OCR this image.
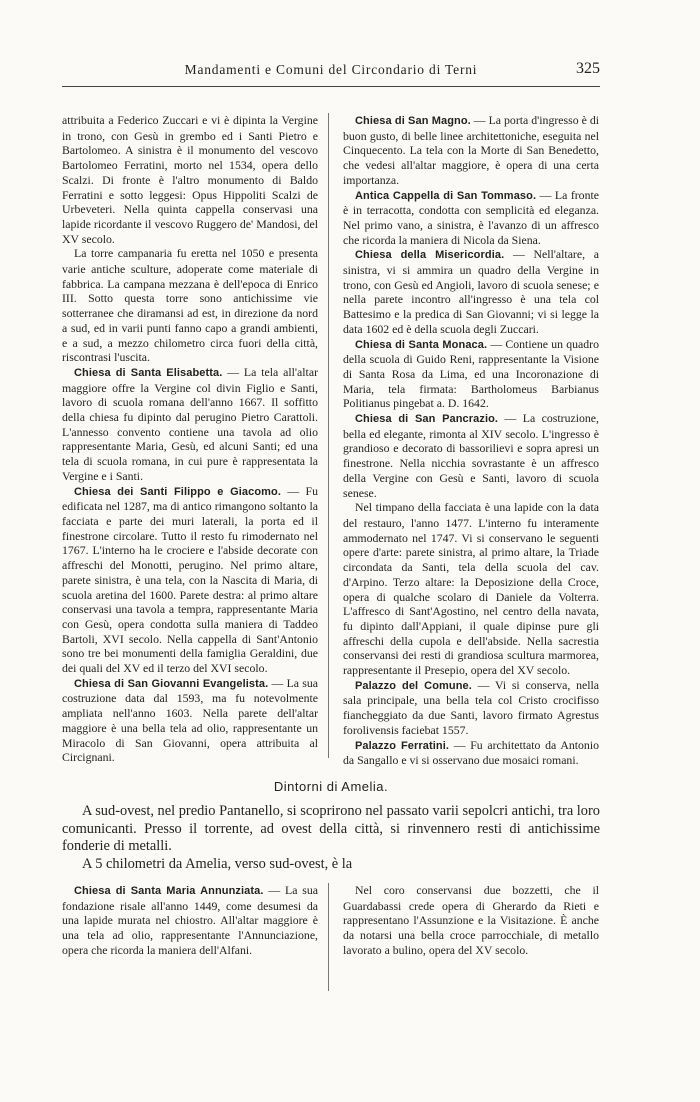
Mandamenti e Comuni del Circondario di Terni	325

attribuita a Federico Zuccari e vi è dipinta la Vergine in trono, con Gesù in grembo ed i Santi Pietro e Bartolomeo. A sinistra è il monumento del vescovo Bartolomeo Ferratini, morto nel 1534, opera dello Scalzi. Di fronte è l'altro monumento di Baldo Ferratini e sotto leggesi: Opus Hippoliti Scalzi de Urbeveteri. Nella quinta cappella conservasi una lapide ricordante il vescovo Ruggero de' Mandosi, del XV secolo.

La torre campanaria fu eretta nel 1050 e presenta varie antiche sculture, adoperate come materiale di fabbrica. La campana mezzana è dell'epoca di Enrico III. Sotto questa torre sono antichissime vie sotterranee che diramansi ad est, in direzione da nord a sud, ed in varii punti fanno capo a grandi ambienti, e a sud, a mezzo chilometro circa fuori della città, riscontrasi l'uscita.

Chiesa di Santa Elisabetta. — La tela all'altar maggiore offre la Vergine col divin Figlio e Santi, lavoro di scuola romana dell'anno 1667. Il soffitto della chiesa fu dipinto dal perugino Pietro Carattoli. L'annesso convento contiene una tavola ad olio rappresentante Maria, Gesù, ed alcuni Santi; ed una tela di scuola romana, in cui pure è rappresentata la Vergine e i Santi.

Chiesa dei Santi Filippo e Giacomo. — Fu edificata nel 1287, ma di antico rimangono soltanto la facciata e parte dei muri laterali, la porta ed il finestrone circolare. Tutto il resto fu rimodernato nel 1767. L'interno ha le crociere e l'abside decorate con affreschi del Monotti, perugino. Nel primo altare, parete sinistra, è una tela, con la Nascita di Maria, di scuola aretina del 1600. Parete destra: al primo altare conservasi una tavola a tempra, rappresentante Maria con Gesù, opera condotta sulla maniera di Taddeo Bartoli, XVI secolo. Nella cappella di Sant'Antonio sono tre bei monumenti della famiglia Geraldini, due dei quali del XV ed il terzo del XVI secolo.

Chiesa di San Giovanni Evangelista. — La sua costruzione data dal 1593, ma fu notevolmente ampliata nell'anno 1603. Nella parete dell'altar maggiore è una bella tela ad olio, rappresentante un Miracolo di San Giovanni, opera attribuita al Circignani.

Chiesa di San Magno. — La porta d'ingresso è di buon gusto, di belle linee architettoniche, eseguita nel Cinquecento. La tela con la Morte di San Benedetto, che vedesi all'altar maggiore, è opera di una certa importanza.

Antica Cappella di San Tommaso. — La fronte è in terracotta, condotta con semplicità ed eleganza. Nel primo vano, a sinistra, è l'avanzo di un affresco che ricorda la maniera di Nicola da Siena.

Chiesa della Misericordia. — Nell'altare, a sinistra, vi si ammira un quadro della Vergine in trono, con Gesù ed Angioli, lavoro di scuola senese; e nella parete incontro all'ingresso è una tela col Battesimo e la predica di San Giovanni; vi si legge la data 1602 ed è della scuola degli Zuccari.

Chiesa di Santa Monaca. — Contiene un quadro della scuola di Guido Reni, rappresentante la Visione di Santa Rosa da Lima, ed una Incoronazione di Maria, tela firmata: Bartholomeus Barbianus Politianus pingebat a. D. 1642.

Chiesa di San Pancrazio. — La costruzione, bella ed elegante, rimonta al XIV secolo. L'ingresso è grandioso e decorato di bassorilievi e sopra apresi un finestrone. Nella nicchia sovrastante è un affresco della Vergine con Gesù e Santi, lavoro di scuola senese.

Nel timpano della facciata è una lapide con la data del restauro, l'anno 1477. L'interno fu interamente ammodernato nel 1747. Vi si conservano le seguenti opere d'arte: parete sinistra, al primo altare, la Triade circondata da Santi, tela della scuola del cav. d'Arpino. Terzo altare: la Deposizione della Croce, opera di qualche scolaro di Daniele da Volterra. L'affresco di Sant'Agostino, nel centro della navata, fu dipinto dall'Appiani, il quale dipinse pure gli affreschi della cupola e dell'abside. Nella sacrestia conservansi dei resti di grandiosa scultura marmorea, rappresentante il Presepio, opera del XV secolo.

Palazzo del Comune. — Vi si conserva, nella sala principale, una bella tela col Cristo crocifisso fiancheggiato da due Santi, lavoro firmato Agrestus forolivensis faciebat 1557.

Palazzo Ferratini. — Fu architettato da Antonio da Sangallo e vi si osservano due mosaici romani.

Dintorni di Amelia.

A sud-ovest, nel predio Pantanello, si scoprirono nel passato varii sepolcri antichi, tra loro comunicanti. Presso il torrente, ad ovest della città, si rinvennero resti di antichissime fonderie di metalli.

A 5 chilometri da Amelia, verso sud-ovest, è la

Chiesa di Santa Maria Annunziata. — La sua fondazione risale all'anno 1449, come desumesi da una lapide murata nel chiostro. All'altar maggiore è una tela ad olio, rappresentante l'Annunciazione, opera che ricorda la maniera dell'Alfani.

Nel coro conservansi due bozzetti, che il Guardabassi crede opera di Gherardo da Rieti e rappresentano l'Assunzione e la Visitazione. È anche da notarsi una bella croce parrocchiale, di metallo lavorato a bulino, opera del XV secolo.
